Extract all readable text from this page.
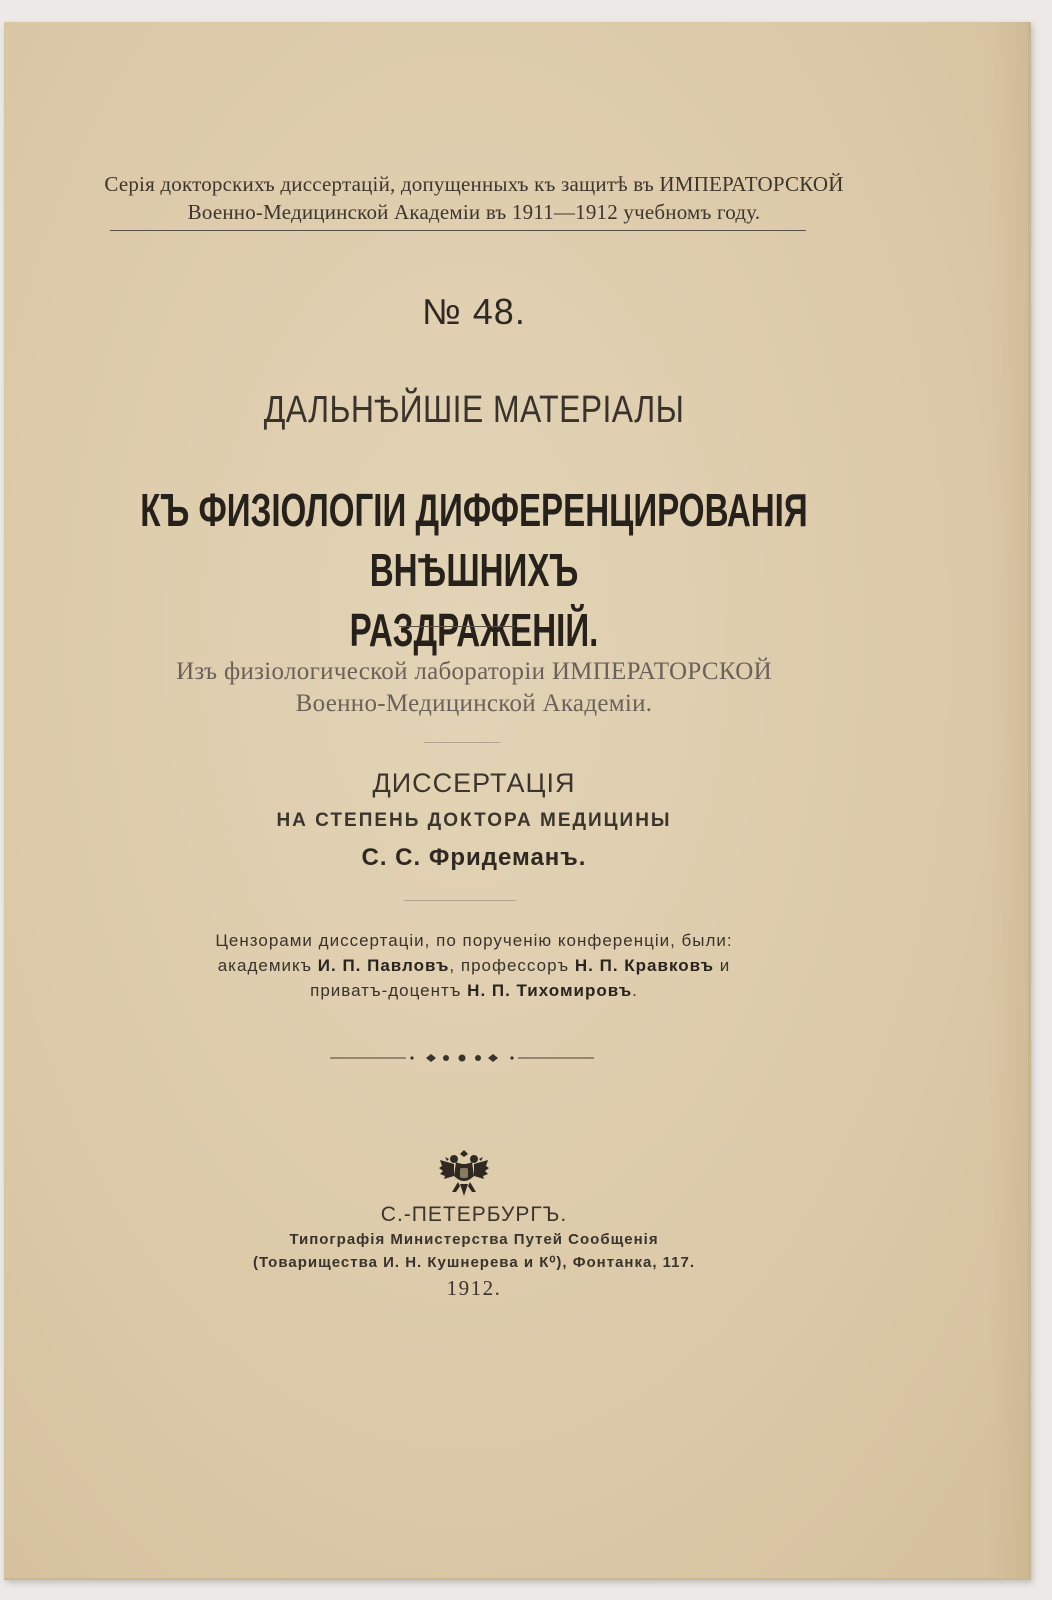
Серія докторскихъ диссертацій, допущенныхъ къ защитѣ въ ИМПЕРАТОРСКОЙ
Военно-Медицинской Академіи въ 1911—1912 учебномъ году.
№ 48.
ДАЛЬНѢЙШІЕ МАТЕРІАЛЫ
КЪ ФИЗІОЛОГІИ ДИФФЕРЕНЦИРОВАНІЯ ВНѢШНИХЪ
РАЗДРАЖЕНІЙ.
Изъ физіологической лабораторіи ИМПЕРАТОРСКОЙ
Военно-Медицинской Академіи.
ДИССЕРТАЦІЯ
НА СТЕПЕНЬ ДОКТОРА МЕДИЦИНЫ
С. С. Фридеманъ.
Цензорами диссертаціи, по порученію конференціи, были:
академикъ И. П. Павловъ, профессоръ Н. П. Кравковъ и
приватъ-доцентъ Н. П. Тихомировъ.
С.-ПЕТЕРБУРГЪ.
Типографія Министерства Путей Сообщенія
(Товарищества И. Н. Кушнерева и К⁰), Фонтанка, 117.
1912.
